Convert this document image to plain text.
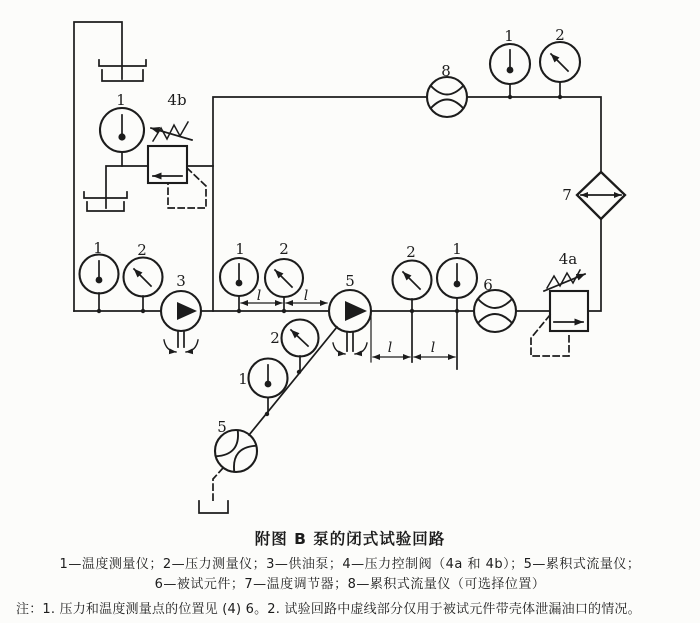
1	4b
1 2
3
1 2
5
2 1
6
4a
7
8
1	2
2
1
5
l	l
l	l
附图 B 泵的闭式试验回路
1—温度测量仪；2—压力测量仪；3—供油泵；4—压力控制阀（4a 和 4b）；5—累积式流量仪；
6—被试元件；7—温度调节器；8—累积式流量仪（可选择位置）
注：1. 压力和温度测量点的位置见 (4) 6。2. 试验回路中虚线部分仅用于被试元件带壳体泄漏油口的情况。
